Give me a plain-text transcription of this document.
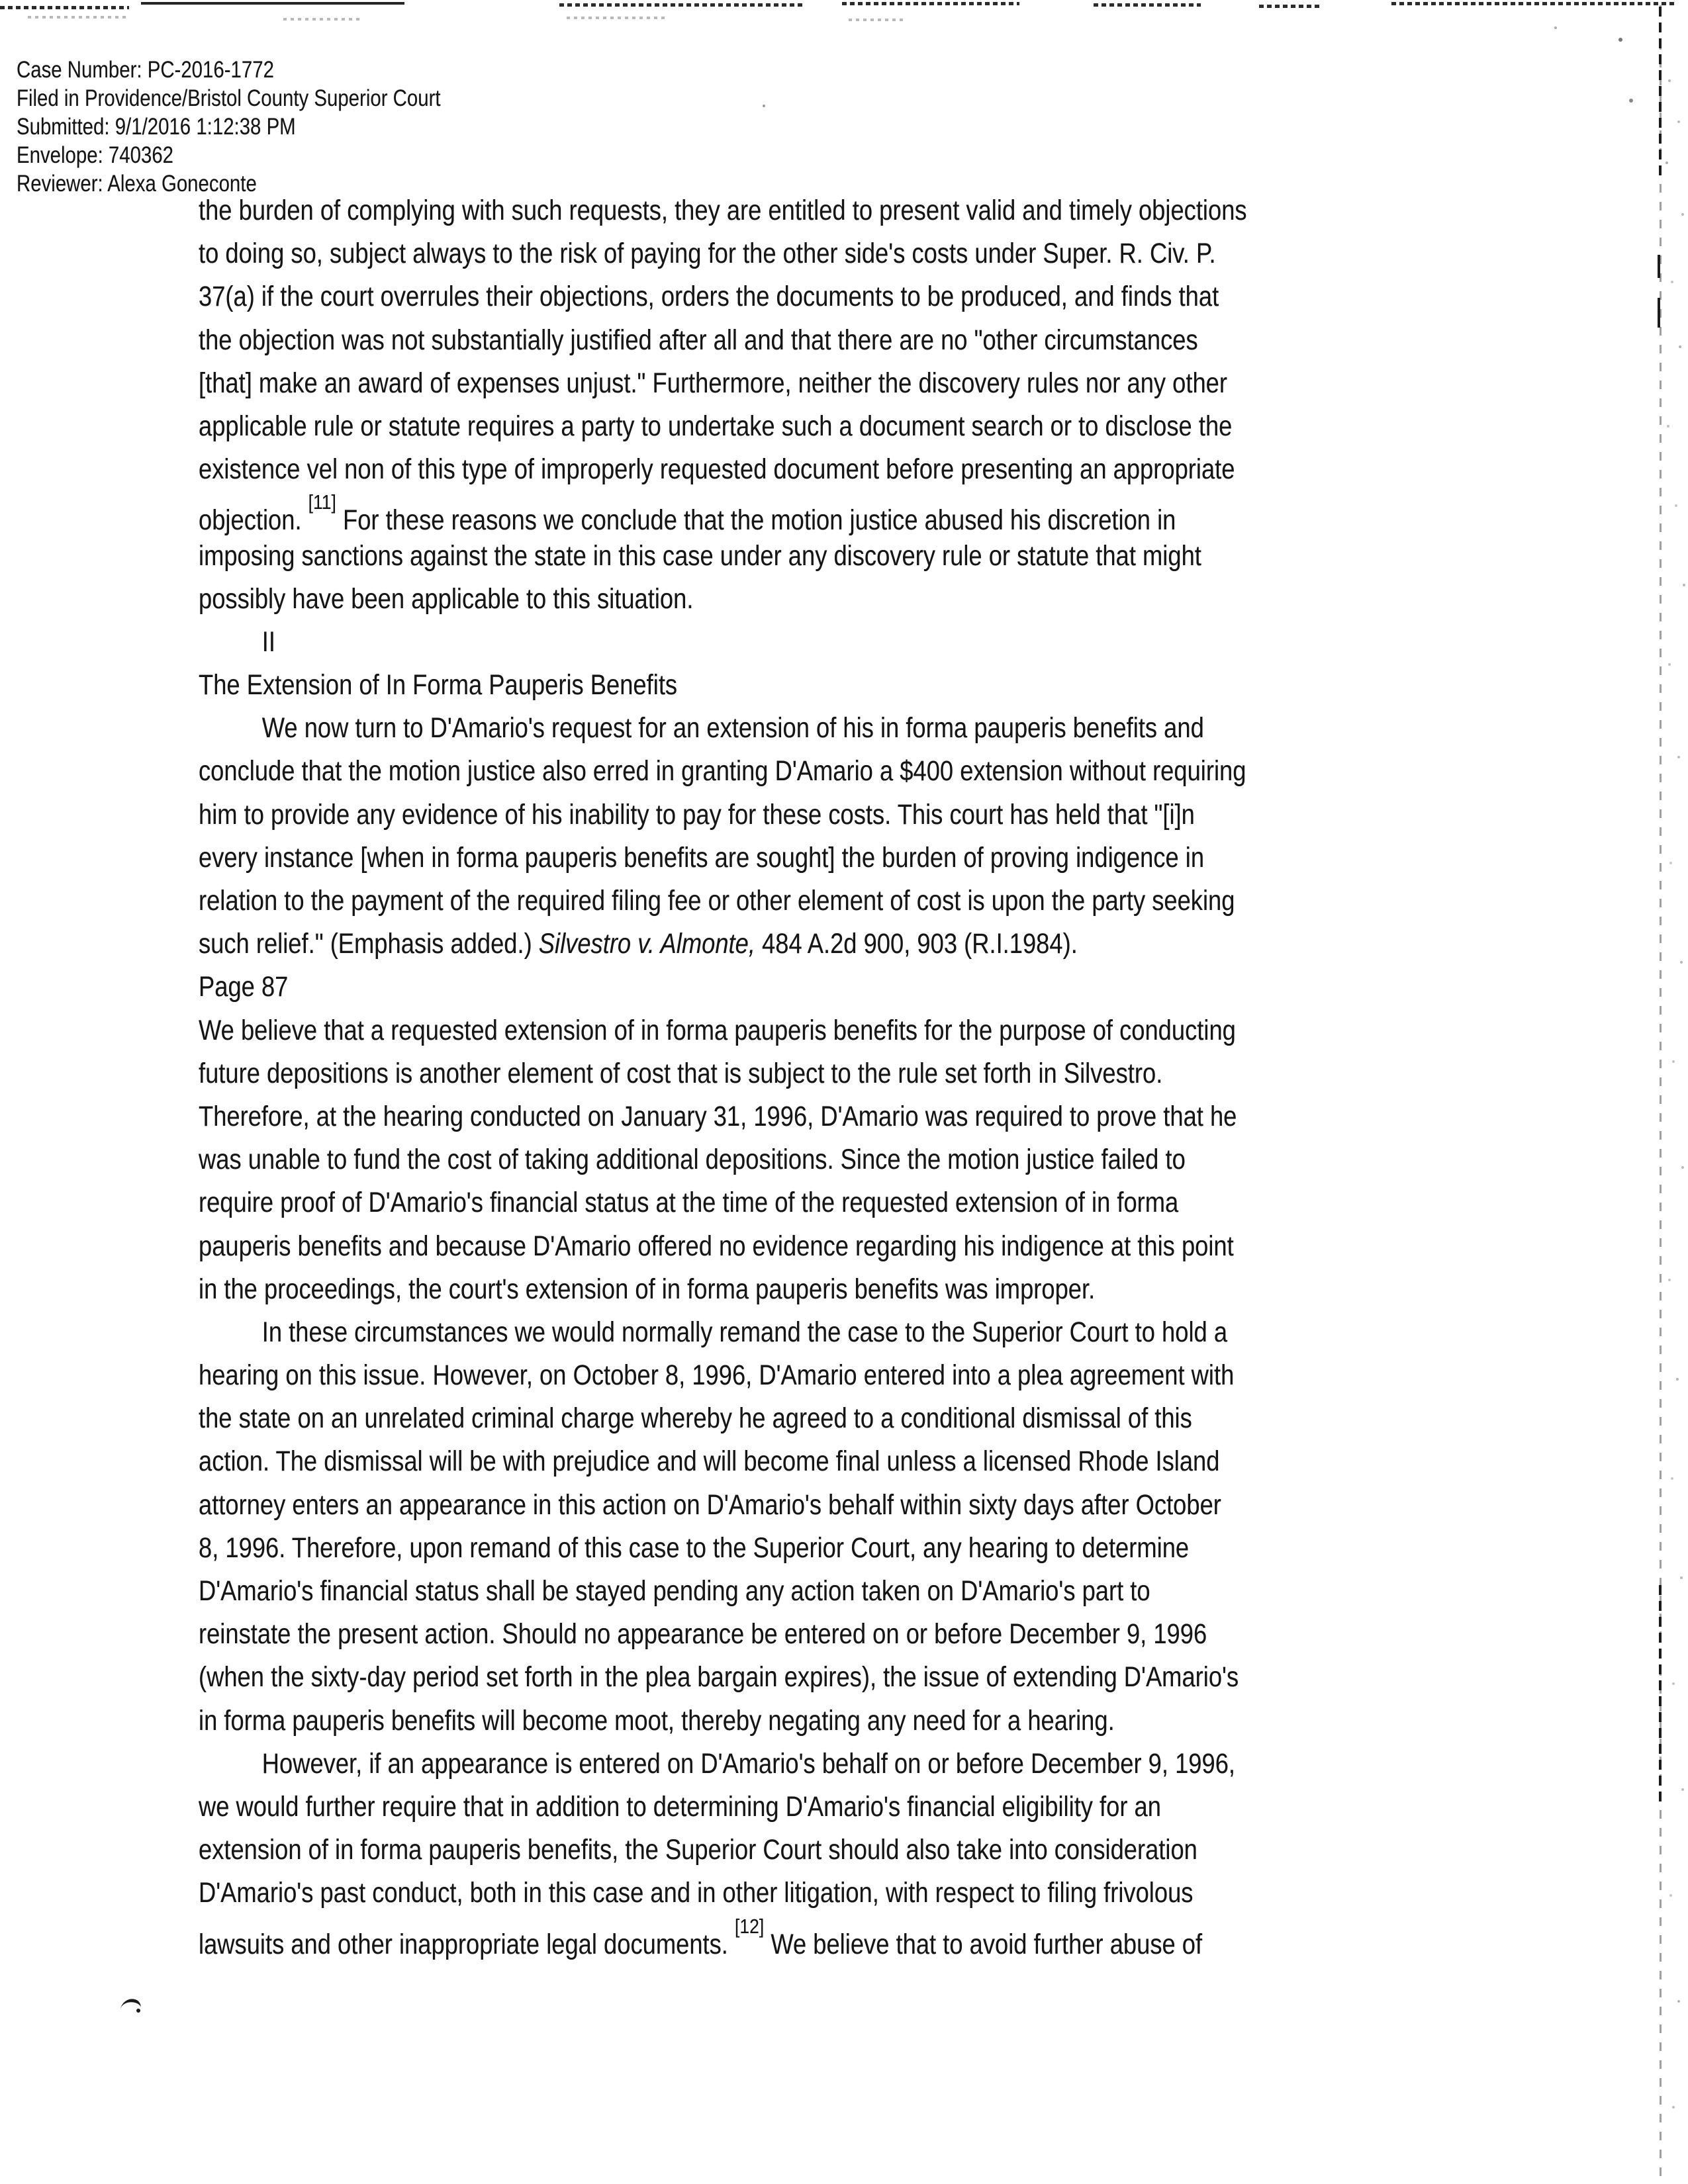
Case Number: PC-2016-1772
Filed in Providence/Bristol County Superior Court
Submitted: 9/1/2016 1:12:38 PM
Envelope: 740362
Reviewer: Alexa Goneconte
the burden of complying with such requests, they are entitled to present valid and timely objections
to doing so, subject always to the risk of paying for the other side's costs under Super. R. Civ. P.
37(a) if the court overrules their objections, orders the documents to be produced, and finds that
the objection was not substantially justified after all and that there are no "other circumstances
[that] make an award of expenses unjust." Furthermore, neither the discovery rules nor any other
applicable rule or statute requires a party to undertake such a document search or to disclose the
existence vel non of this type of improperly requested document before presenting an appropriate
objection. [11] For these reasons we conclude that the motion justice abused his discretion in
imposing sanctions against the state in this case under any discovery rule or statute that might
possibly have been applicable to this situation.
II
The Extension of In Forma Pauperis Benefits
We now turn to D'Amario's request for an extension of his in forma pauperis benefits and
conclude that the motion justice also erred in granting D'Amario a $400 extension without requiring
him to provide any evidence of his inability to pay for these costs. This court has held that "[i]n
every instance [when in forma pauperis benefits are sought] the burden of proving indigence in
relation to the payment of the required filing fee or other element of cost is upon the party seeking
such relief." (Emphasis added.) Silvestro v. Almonte, 484 A.2d 900, 903 (R.I.1984).
Page 87
We believe that a requested extension of in forma pauperis benefits for the purpose of conducting
future depositions is another element of cost that is subject to the rule set forth in Silvestro.
Therefore, at the hearing conducted on January 31, 1996, D'Amario was required to prove that he
was unable to fund the cost of taking additional depositions. Since the motion justice failed to
require proof of D'Amario's financial status at the time of the requested extension of in forma
pauperis benefits and because D'Amario offered no evidence regarding his indigence at this point
in the proceedings, the court's extension of in forma pauperis benefits was improper.
In these circumstances we would normally remand the case to the Superior Court to hold a
hearing on this issue. However, on October 8, 1996, D'Amario entered into a plea agreement with
the state on an unrelated criminal charge whereby he agreed to a conditional dismissal of this
action. The dismissal will be with prejudice and will become final unless a licensed Rhode Island
attorney enters an appearance in this action on D'Amario's behalf within sixty days after October
8, 1996. Therefore, upon remand of this case to the Superior Court, any hearing to determine
D'Amario's financial status shall be stayed pending any action taken on D'Amario's part to
reinstate the present action. Should no appearance be entered on or before December 9, 1996
(when the sixty-day period set forth in the plea bargain expires), the issue of extending D'Amario's
in forma pauperis benefits will become moot, thereby negating any need for a hearing.
However, if an appearance is entered on D'Amario's behalf on or before December 9, 1996,
we would further require that in addition to determining D'Amario's financial eligibility for an
extension of in forma pauperis benefits, the Superior Court should also take into consideration
D'Amario's past conduct, both in this case and in other litigation, with respect to filing frivolous
lawsuits and other inappropriate legal documents. [12] We believe that to avoid further abuse of
